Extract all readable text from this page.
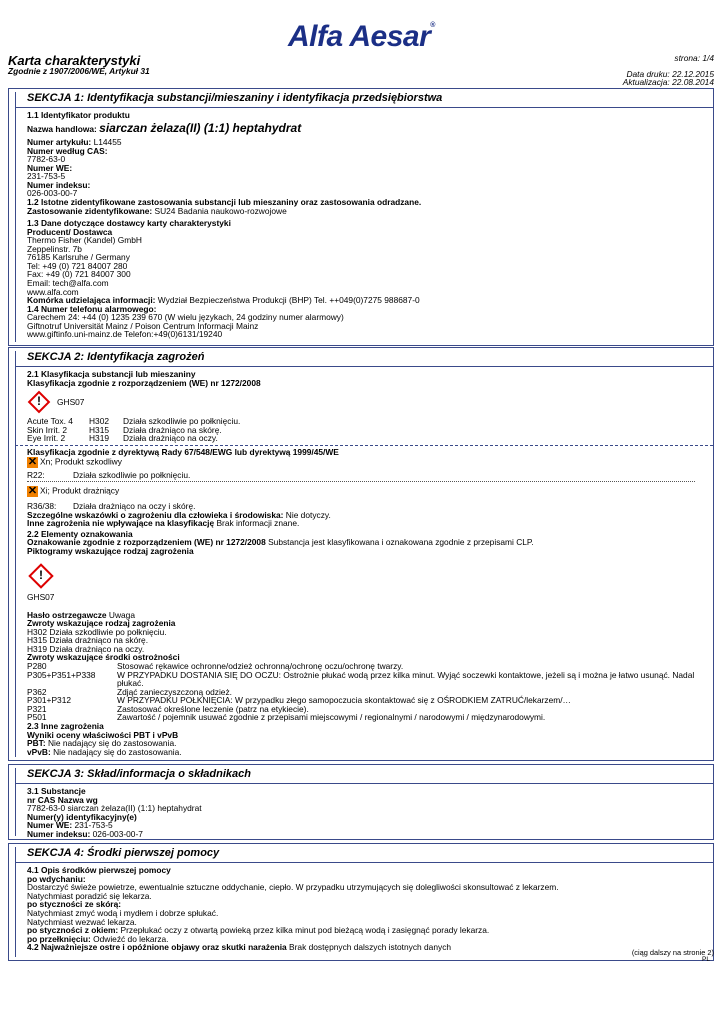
Alfa Aesar®
Karta charakterystyki
Zgodnie z 1907/2006/WE, Artykuł 31
strona: 1/4
Data druku: 22.12.2015
Aktualizacja: 22.08.2014
SEKCJA 1: Identyfikacja substancji/mieszaniny i identyfikacja przedsiębiorstwa
1.1 Identyfikator produktu
Nazwa handlowa: siarczan żelaza(II) (1:1) heptahydrat
Numer artykułu: L14455
Numer według CAS:
7782-63-0
Numer WE:
231-753-5
Numer indeksu:
026-003-00-7
1.2 Istotne zidentyfikowane zastosowania substancji lub mieszaniny oraz zastosowania odradzane.
Zastosowanie zidentyfikowane: SU24 Badania naukowo-rozwojowe
1.3 Dane dotyczące dostawcy karty charakterystyki
Producent/ Dostawca
Thermo Fisher (Kandel) GmbH
Zeppelinstr. 7b
76185 Karlsruhe / Germany
Tel: +49 (0) 721 84007 280
Fax: +49 (0) 721 84007 300
Email: tech@alfa.com
www.alfa.com
Komórka udzielająca informacji: Wydział Bezpieczeństwa Produkcji (BHP) Tel. ++049(0)7275 988687-0
1.4 Numer telefonu alarmowego:
Carechem 24: +44 (0) 1235 239 670 (W wielu językach, 24 godziny numer alarmowy)
Giftnotruf Universität Mainz / Poison Centrum Informacji Mainz
www.giftinfo.uni-mainz.de Telefon:+49(0)6131/19240
SEKCJA 2: Identyfikacja zagrożeń
2.1 Klasyfikacja substancji lub mieszaniny
Klasyfikacja zgodnie z rozporządzeniem (WE) nr 1272/2008
!	GHS07
Acute Tox. 4	H302	Działa szkodliwie po połknięciu.
Skin Irrit. 2	H315	Działa drażniąco na skórę.
Eye Irrit. 2	H319	Działa drażniąco na oczy.
Klasyfikacja zgodnie z dyrektywą Rady 67/548/EWG lub dyrektywą 1999/45/WE
✕ Xn; Produkt szkodliwy
R22:	Działa szkodliwie po połknięciu.
✕ Xi; Produkt drażniący
R36/38:	Działa drażniąco na oczy i skórę.
Szczególne wskazówki o zagrożeniu dla człowieka i środowiska: Nie dotyczy.
Inne zagrożenia nie wpływające na klasyfikację Brak informacji znane.
2.2 Elementy oznakowania
Oznakowanie zgodnie z rozporządzeniem (WE) nr 1272/2008 Substancja jest klasyfikowana i oznakowana zgodnie z przepisami CLP.
Piktogramy wskazujące rodzaj zagrożenia
!
GHS07
Hasło ostrzegawcze Uwaga
Zwroty wskazujące rodzaj zagrożenia
H302 Działa szkodliwie po połknięciu.
H315 Działa drażniąco na skórę.
H319 Działa drażniąco na oczy.
Zwroty wskazujące środki ostrożności
P280	Stosować rękawice ochronne/odzież ochronną/ochronę oczu/ochronę twarzy.
P305+P351+P338	W PRZYPADKU DOSTANIA SIĘ DO OCZU: Ostrożnie płukać wodą przez kilka minut. Wyjąć soczewki kontaktowe, jeżeli są i można je łatwo usunąć. Nadal płukać.
P362	Zdjąć zanieczyszczoną odzież.
P301+P312	W PRZYPADKU POŁKNIĘCIA: W przypadku złego samopoczucia skontaktować się z OŚRODKIEM ZATRUĆ/lekarzem/…
P321	Zastosować określone leczenie (patrz na etykiecie).
P501	Zawartość / pojemnik usuwać zgodnie z przepisami miejscowymi / regionalnymi / narodowymi / międzynarodowymi.
2.3 Inne zagrożenia
Wyniki oceny właściwości PBT i vPvB
PBT: Nie nadający się do zastosowania.
vPvB: Nie nadający się do zastosowania.
SEKCJA 3: Skład/informacja o składnikach
3.1 Substancje
nr CAS Nazwa wg
7782-63-0 siarczan żelaza(II) (1:1) heptahydrat
Numer(y) identyfikacyjny(e)
Numer WE: 231-753-5
Numer indeksu: 026-003-00-7
SEKCJA 4: Środki pierwszej pomocy
4.1 Opis środków pierwszej pomocy
po wdychaniu:
Dostarczyć świeże powietrze, ewentualnie sztuczne oddychanie, ciepło. W przypadku utrzymujących się dolegliwości skonsultować z lekarzem.
Natychmiast poradzić się lekarza.
po styczności ze skórą:
Natychmiast zmyć wodą i mydłem i dobrze spłukać.
Natychmiast wezwać lekarza.
po styczności z okiem: Przepłukać oczy z otwartą powieką przez kilka minut pod bieżącą wodą i zasięgnąć porady lekarza.
po przełknięciu: Odwieźć do lekarza.
4.2 Najważniejsze ostre i opóźnione objawy oraz skutki narażenia Brak dostępnych dalszych istotnych danych
(ciąg dalszy na stronie 2)
PL
